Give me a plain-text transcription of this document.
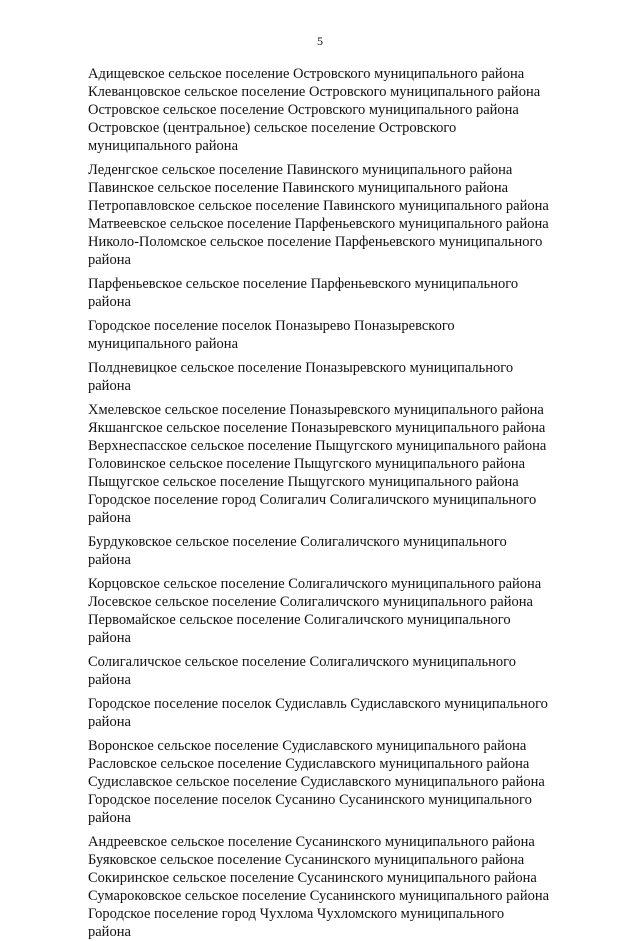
5
Адищевское сельское поселение Островского муниципального района
Клеванцовское сельское поселение Островского муниципального района
Островское сельское поселение Островского муниципального района
Островское (центральное) сельское поселение Островского
муниципального района
Леденгское сельское поселение Павинского муниципального района
Павинское сельское поселение Павинского муниципального района
Петропавловское сельское поселение Павинского муниципального района
Матвеевское сельское поселение Парфеньевского муниципального района
Николо-Поломское сельское поселение Парфеньевского муниципального
района
Парфеньевское сельское поселение Парфеньевского муниципального
района
Городское поселение поселок Поназырево Поназыревского
муниципального района
Полдневицкое сельское поселение Поназыревского муниципального
района
Хмелевское сельское поселение Поназыревского муниципального района
Якшангское сельское поселение Поназыревского муниципального района
Верхнеспасское сельское поселение Пыщугского муниципального района
Головинское сельское поселение Пыщугского муниципального района
Пыщугское сельское поселение Пыщугского муниципального района
Городское поселение город Солигалич Солигаличского муниципального
района
Бурдуковское сельское поселение Солигаличского муниципального
района
Корцовское сельское поселение Солигаличского муниципального района
Лосевское сельское поселение Солигаличского муниципального района
Первомайское сельское поселение Солигаличского муниципального
района
Солигаличское сельское поселение Солигаличского муниципального
района
Городское поселение поселок Судиславль Судиславского муниципального
района
Воронское сельское поселение Судиславского муниципального района
Расловское сельское поселение Судиславского муниципального района
Судиславское сельское поселение Судиславского муниципального района
Городское поселение поселок Сусанино Сусанинского муниципального
района
Андреевское сельское поселение Сусанинского муниципального района
Буяковское сельское поселение Сусанинского муниципального района
Сокиринское сельское поселение Сусанинского муниципального района
Сумароковское сельское поселение Сусанинского муниципального района
Городское поселение город Чухлома Чухломского муниципального
района
